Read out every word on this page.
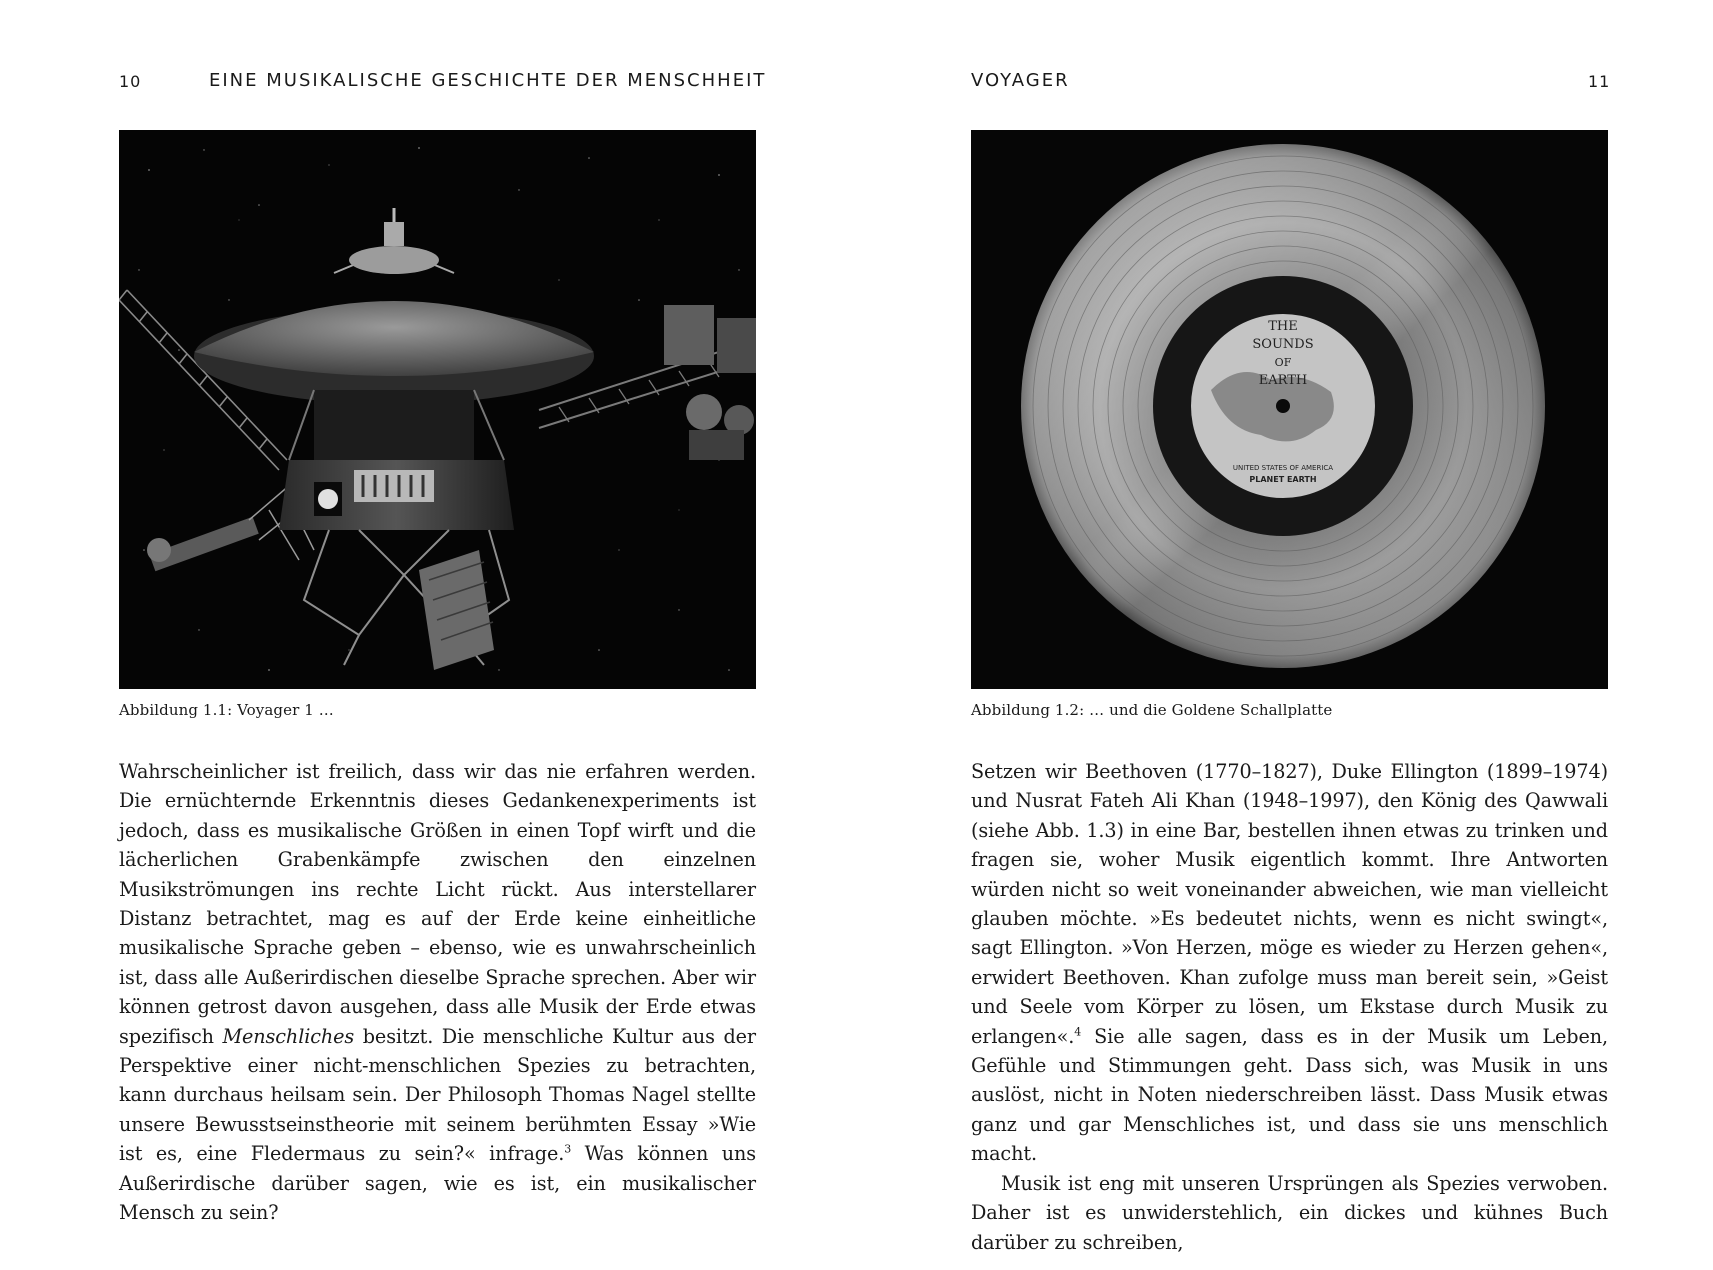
10	EINE MUSIKALISCHE GESCHICHTE DER MENSCHHEIT
Abbildung 1.1: Voyager 1 …

Wahrscheinlicher ist freilich, dass wir das nie erfahren werden. Die ernüchternde Erkenntnis dieses Gedankenexperiments ist jedoch, dass es musikalische Größen in einen Topf wirft und die lächerlichen Grabenkämpfe zwischen den einzelnen Musikströmungen ins rechte Licht rückt. Aus interstellarer Distanz betrachtet, mag es auf der Erde keine einheitliche musikalische Sprache geben – ebenso, wie es unwahrscheinlich ist, dass alle Außerirdischen dieselbe Sprache sprechen. Aber wir können getrost davon ausgehen, dass alle Musik der Erde etwas spezifisch Menschliches besitzt. Die menschliche Kultur aus der Perspektive einer nicht-menschlichen Spezies zu betrachten, kann durchaus heilsam sein. Der Philosoph Thomas Nagel stellte unsere Bewusstseinstheorie mit seinem berühmten Essay »Wie ist es, eine Fledermaus zu sein?« infrage.$^3$ Was können uns Außerirdische darüber sagen, wie es ist, ein musikalischer Mensch zu sein?

VOYAGER	11
THE
SOUNDS
OF
EARTH
UNITED STATES OF AMERICA
PLANET EARTH
Abbildung 1.2: … und die Goldene Schallplatte

Setzen wir Beethoven (1770–1827), Duke Ellington (1899–1974) und Nusrat Fateh Ali Khan (1948–1997), den König des Qawwali (siehe Abb. 1.3) in eine Bar, bestellen ihnen etwas zu trinken und fragen sie, woher Musik eigentlich kommt. Ihre Antworten würden nicht so weit voneinander abweichen, wie man vielleicht glauben möchte. »Es bedeutet nichts, wenn es nicht swingt«, sagt Ellington. »Von Herzen, möge es wieder zu Herzen gehen«, erwidert Beethoven. Khan zufolge muss man bereit sein, »Geist und Seele vom Körper zu lösen, um Ekstase durch Musik zu erlangen«.$^4$ Sie alle sagen, dass es in der Musik um Leben, Gefühle und Stimmungen geht. Dass sich, was Musik in uns auslöst, nicht in Noten niederschreiben lässt. Dass Musik etwas ganz und gar Menschliches ist, und dass sie uns menschlich macht.

Musik ist eng mit unseren Ursprüngen als Spezies verwoben. Daher ist es unwiderstehlich, ein dickes und kühnes Buch darüber zu schreiben,
